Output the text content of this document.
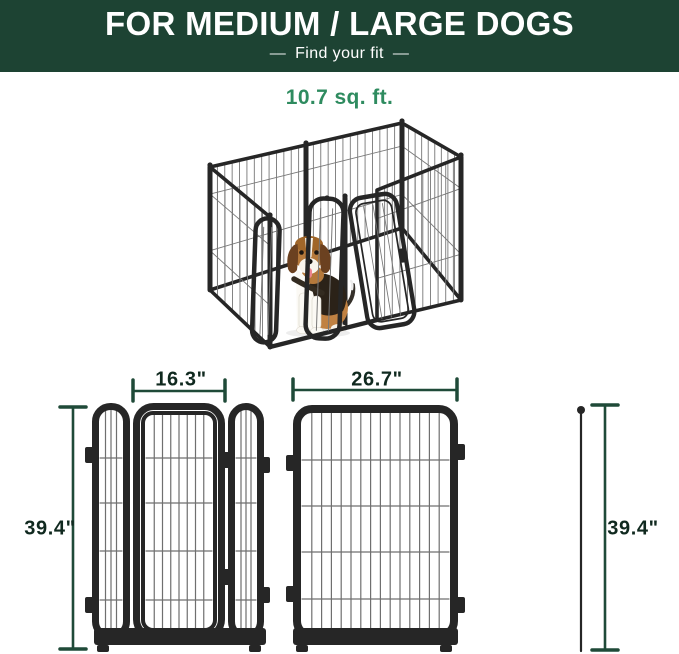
FOR MEDIUM / LARGE DOGS
— Find your fit —
10.7 sq. ft.
16.3"
39.4"
26.7"
39.4"
